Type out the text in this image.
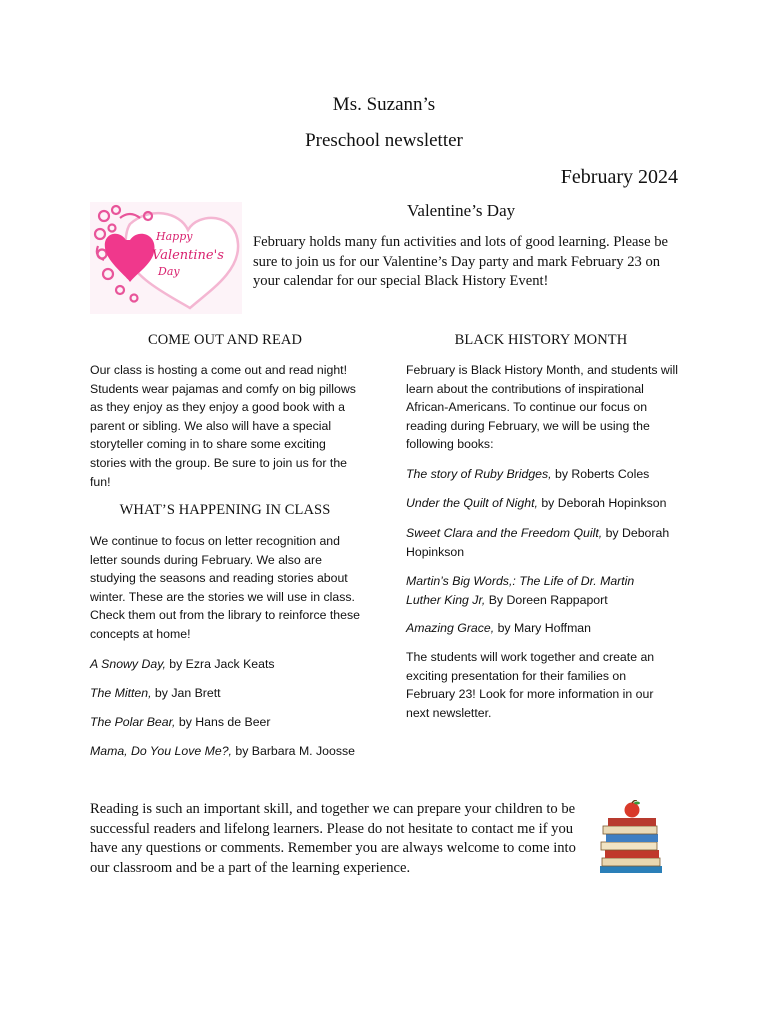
Ms. Suzann’s
Preschool newsletter
February 2024
Happy
Valentine's
Day
Valentine’s Day
February holds many fun activities and lots of good learning. Please be sure to join us for our Valentine’s Day party and mark February 23 on your calendar for our special Black History Event!
COME OUT AND READ

Our class is hosting a come out and read night! Students wear pajamas and comfy on big pillows as they enjoy as they enjoy a good book with a parent or sibling. We also will have a special storyteller coming in to share some exciting stories with the group. Be sure to join us for the fun!

WHAT’S HAPPENING IN CLASS

We continue to focus on letter recognition and letter sounds during February. We also are studying the seasons and reading stories about winter. These are the stories we will use in class. Check them out from the library to reinforce these concepts at home!

A Snowy Day, by Ezra Jack Keats
The Mitten, by Jan Brett
The Polar Bear, by Hans de Beer
Mama, Do You Love Me?, by Barbara M. Joosse
BLACK HISTORY MONTH

February is Black History Month, and students will learn about the contributions of inspirational African-Americans. To continue our focus on reading during February, we will be using the following books:

The story of Ruby Bridges, by Roberts Coles
Under the Quilt of Night, by Deborah Hopinkson
Sweet Clara and the Freedom Quilt, by Deborah Hopinkson
Martin’s Big Words,: The Life of Dr. Martin Luther King Jr, By Doreen Rappaport
Amazing Grace, by Mary Hoffman

The students will work together and create an exciting presentation for their families on February 23! Look for more information in our next newsletter.

Reading is such an important skill, and together we can prepare your children to be successful readers and lifelong learners. Please do not hesitate to contact me if you have any questions or comments. Remember you are always welcome to come into our classroom and be a part of the learning experience.
